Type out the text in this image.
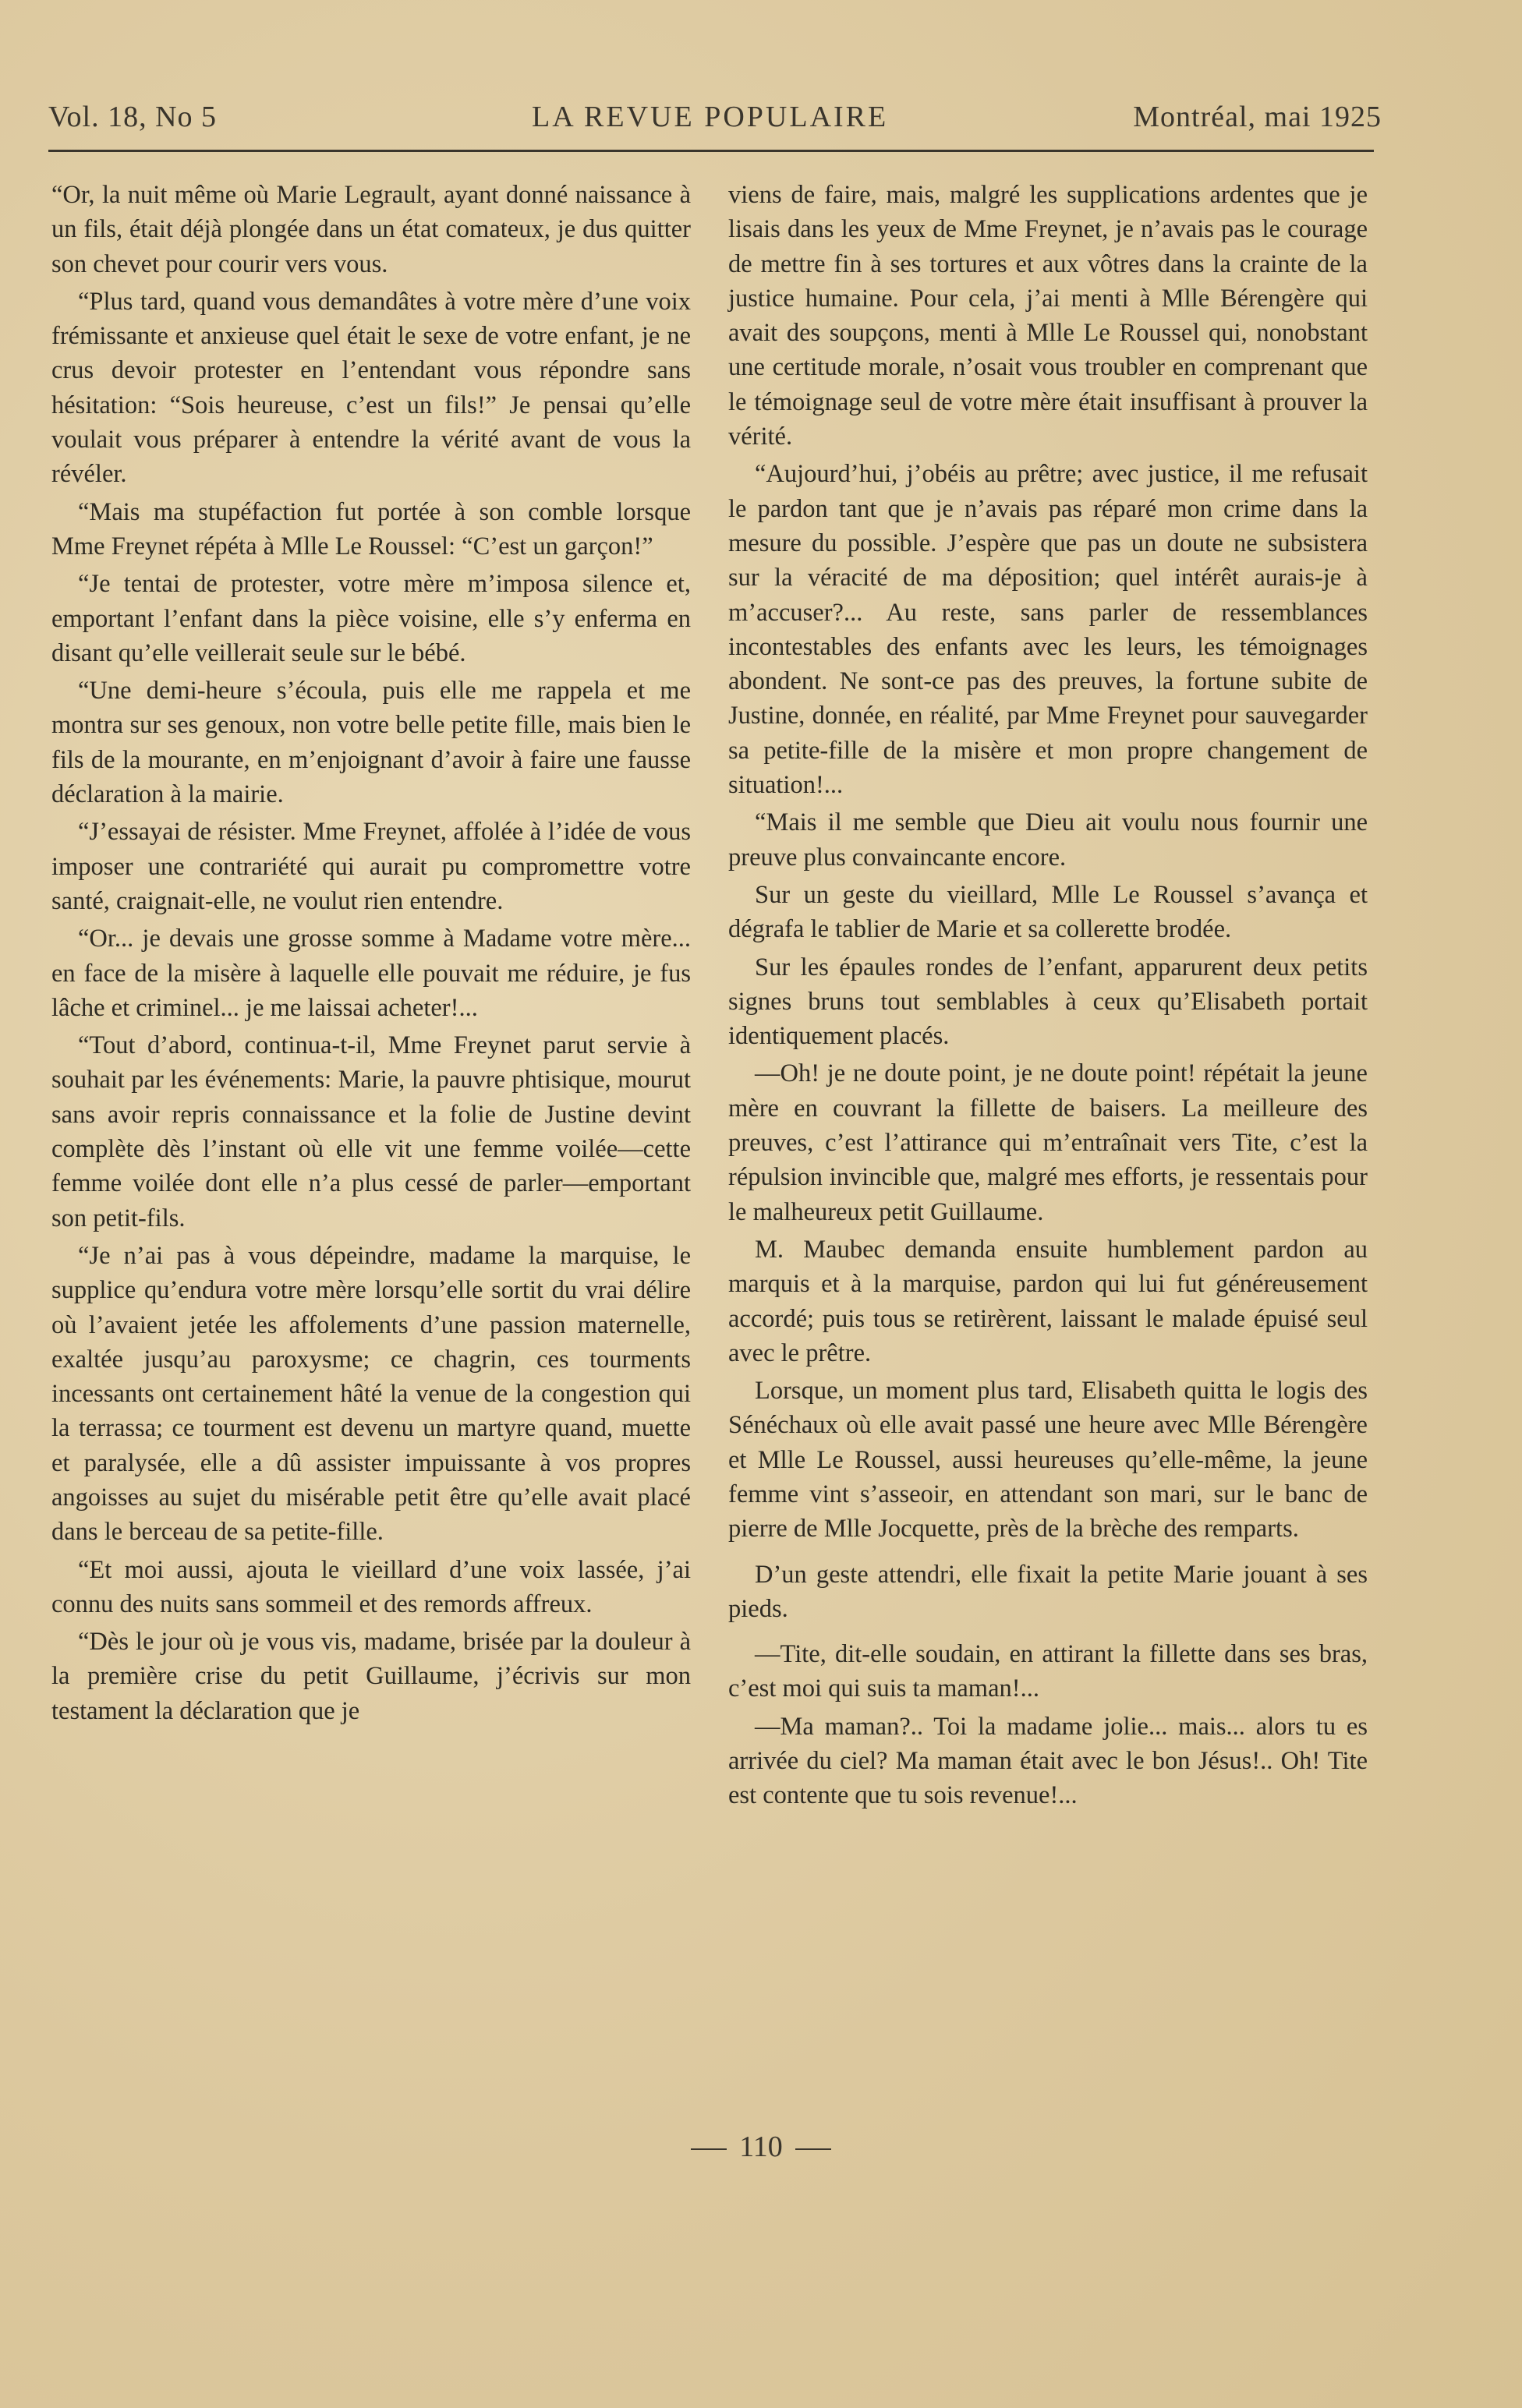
Vol. 18, No 5	LA REVUE POPULAIRE	Montréal, mai 1925

“Or, la nuit même où Marie Legrault, ayant donné naissance à un fils, était déjà plongée dans un état comateux, je dus quitter son chevet pour courir vers vous.

“Plus tard, quand vous demandâtes à votre mère d’une voix frémissante et anxieuse quel était le sexe de votre enfant, je ne crus devoir protester en l’entendant vous répondre sans hésitation: “Sois heureuse, c’est un fils!” Je pensai qu’elle voulait vous préparer à entendre la vérité avant de vous la révéler.

“Mais ma stupéfaction fut portée à son comble lorsque Mme Freynet répéta à Mlle Le Roussel: “C’est un garçon!”

“Je tentai de protester, votre mère m’imposa silence et, emportant l’enfant dans la pièce voisine, elle s’y enferma en disant qu’elle veillerait seule sur le bébé.

“Une demi-heure s’écoula, puis elle me rappela et me montra sur ses genoux, non votre belle petite fille, mais bien le fils de la mourante, en m’enjoignant d’avoir à faire une fausse déclaration à la mairie.

“J’essayai de résister. Mme Freynet, affolée à l’idée de vous imposer une contrariété qui aurait pu compromettre votre santé, craignait-elle, ne voulut rien entendre.

“Or... je devais une grosse somme à Madame votre mère... en face de la misère à laquelle elle pouvait me réduire, je fus lâche et criminel... je me laissai acheter!...

“Tout d’abord, continua-t-il, Mme Freynet parut servie à souhait par les événements: Marie, la pauvre phtisique, mourut sans avoir repris connaissance et la folie de Justine devint complète dès l’instant où elle vit une femme voilée—cette femme voilée dont elle n’a plus cessé de parler—emportant son petit-fils.

“Je n’ai pas à vous dépeindre, madame la marquise, le supplice qu’endura votre mère lorsqu’elle sortit du vrai délire où l’avaient jetée les affolements d’une passion maternelle, exaltée jusqu’au paroxysme; ce chagrin, ces tourments incessants ont certainement hâté la venue de la congestion qui la terrassa; ce tourment est devenu un martyre quand, muette et paralysée, elle a dû assister impuissante à vos propres angoisses au sujet du misérable petit être qu’elle avait placé dans le berceau de sa petite-fille.

“Et moi aussi, ajouta le vieillard d’une voix lassée, j’ai connu des nuits sans sommeil et des remords affreux.

“Dès le jour où je vous vis, madame, brisée par la douleur à la première crise du petit Guillaume, j’écrivis sur mon testament la déclaration que je

viens de faire, mais, malgré les supplications ardentes que je lisais dans les yeux de Mme Freynet, je n’avais pas le courage de mettre fin à ses tortures et aux vôtres dans la crainte de la justice humaine. Pour cela, j’ai menti à Mlle Bérengère qui avait des soupçons, menti à Mlle Le Roussel qui, nonobstant une certitude morale, n’osait vous troubler en comprenant que le témoignage seul de votre mère était insuffisant à prouver la vérité.

“Aujourd’hui, j’obéis au prêtre; avec justice, il me refusait le pardon tant que je n’avais pas réparé mon crime dans la mesure du possible. J’espère que pas un doute ne subsistera sur la véracité de ma déposition; quel intérêt aurais-je à m’accuser?... Au reste, sans parler de ressemblances incontestables des enfants avec les leurs, les témoignages abondent. Ne sont-ce pas des preuves, la fortune subite de Justine, donnée, en réalité, par Mme Freynet pour sauvegarder sa petite-fille de la misère et mon propre changement de situation!...

“Mais il me semble que Dieu ait voulu nous fournir une preuve plus convaincante encore.

Sur un geste du vieillard, Mlle Le Roussel s’avança et dégrafa le tablier de Marie et sa collerette brodée.

Sur les épaules rondes de l’enfant, apparurent deux petits signes bruns tout semblables à ceux qu’Elisabeth portait identiquement placés.

—Oh! je ne doute point, je ne doute point! répétait la jeune mère en couvrant la fillette de baisers. La meilleure des preuves, c’est l’attirance qui m’entraînait vers Tite, c’est la répulsion invincible que, malgré mes efforts, je ressentais pour le malheureux petit Guillaume.

M. Maubec demanda ensuite humblement pardon au marquis et à la marquise, pardon qui lui fut généreusement accordé; puis tous se retirèrent, laissant le malade épuisé seul avec le prêtre.

Lorsque, un moment plus tard, Elisabeth quitta le logis des Sénéchaux où elle avait passé une heure avec Mlle Bérengère et Mlle Le Roussel, aussi heureuses qu’elle-même, la jeune femme vint s’asseoir, en attendant son mari, sur le banc de pierre de Mlle Jocquette, près de la brèche des remparts.

D’un geste attendri, elle fixait la petite Marie jouant à ses pieds.

—Tite, dit-elle soudain, en attirant la fillette dans ses bras, c’est moi qui suis ta maman!...

—Ma maman?.. Toi la madame jolie... mais... alors tu es arrivée du ciel? Ma maman était avec le bon Jésus!.. Oh! Tite est contente que tu sois revenue!...

110
